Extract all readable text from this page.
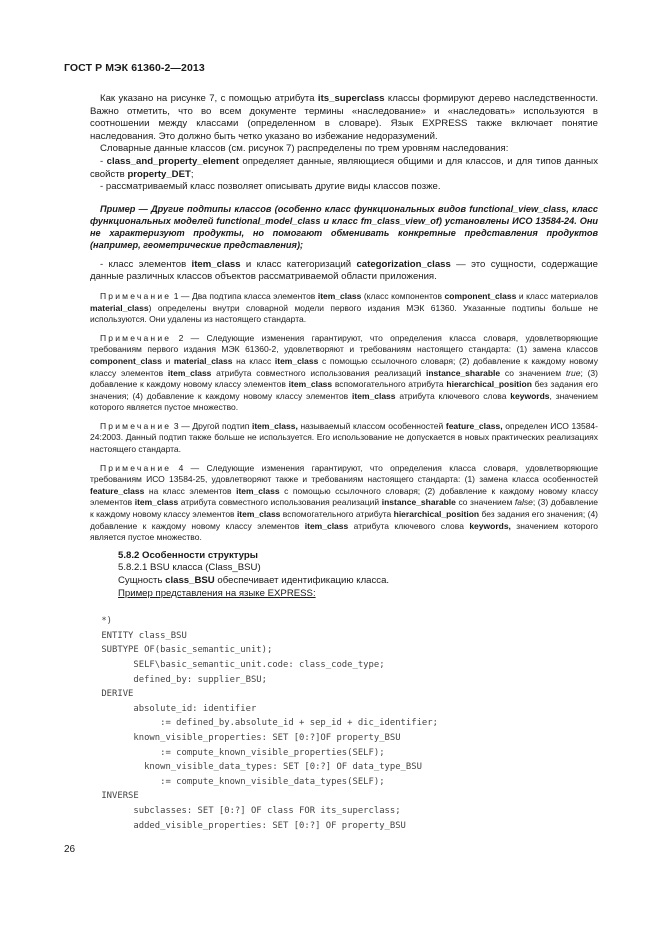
ГОСТ Р МЭК 61360-2—2013

Как указано на рисунке 7, с помощью атрибута its_superclass классы формируют дерево наследственности. Важно отметить, что во всем документе термины «наследование» и «наследовать» используются в соотношении между классами (определенном в словаре). Язык EXPRESS также включает понятие наследования. Это должно быть четко указано во избежание недоразумений.

Словарные данные классов (см. рисунок 7) распределены по трем уровням наследования:

- class_and_property_element определяет данные, являющиеся общими и для классов, и для типов данных свойств property_DET;

- рассматриваемый класс позволяет описывать другие виды классов позже.

Пример — Другие подтипы классов (особенно класс функциональных видов functional_view_class, класс функциональных моделей functional_model_class и класс fm_class_view_of) установлены ИСО 13584-24. Они не характеризуют продукты, но помогают обменивать конкретные представления продуктов (например, геометрические представления);

- класс элементов item_class и класс категоризаций categorization_class — это сущности, содержащие данные различных классов объектов рассматриваемой области приложения.

Примечание 1 — Два подтипа класса элементов item_class (класс компонентов component_class и класс материалов material_class) определены внутри словарной модели первого издания МЭК 61360. Указанные подтипы больше не используются. Они удалены из настоящего стандарта.

Примечание 2 — Следующие изменения гарантируют, что определения класса словаря, удовлетворяющие требованиям первого издания МЭК 61360-2, удовлетворяют и требованиям настоящего стандарта: (1) замена классов component_class и material_class на класс item_class с помощью ссылочного словаря; (2) добавление к каждому новому классу элементов item_class атрибута совместного использования реализаций instance_sharable со значением true; (3) добавление к каждому новому классу элементов item_class вспомогательного атрибута hierarchical_position без задания его значения; (4) добавление к каждому новому классу элементов item_class атрибута ключевого слова keywords, значением которого является пустое множество.

Примечание 3 — Другой подтип item_class, называемый классом особенностей feature_class, определен ИСО 13584-24:2003. Данный подтип также больше не используется. Его использование не допускается в новых практических реализациях настоящего стандарта.

Примечание 4 — Следующие изменения гарантируют, что определения класса словаря, удовлетворяющие требованиям ИСО 13584-25, удовлетворяют также и требованиям настоящего стандарта: (1) замена класса особенностей feature_class на класс элементов item_class с помощью ссылочного словаря; (2) добавление к каждому новому классу элементов item_class атрибута совместного использования реализаций instance_sharable со значением false; (3) добавление к каждому новому классу элементов item_class вспомогательного атрибута hierarchical_position без задания его значения; (4) добавление к каждому новому классу элементов item_class атрибута ключевого слова keywords, значением которого является пустое множество.

5.8.2 Особенности структуры

5.8.2.1 BSU класса (Class_BSU)

Сущность class_BSU обеспечивает идентификацию класса.

Пример представления на языке EXPRESS:

*)
ENTITY class_BSU
SUBTYPE OF(basic_semantic_unit);
SELF\basic_semantic_unit.code: class_code_type;
defined_by: supplier_BSU;
DERIVE
absolute_id: identifier
:= defined_by.absolute_id + sep_id + dic_identifier;
known_visible_properties: SET [0:?]OF property_BSU
:= compute_known_visible_properties(SELF);
known_visible_data_types: SET [0:?] OF data_type_BSU
:= compute_known_visible_data_types(SELF);
INVERSE
subclasses: SET [0:?] OF class FOR its_superclass;
added_visible_properties: SET [0:?] OF property_BSU
26
